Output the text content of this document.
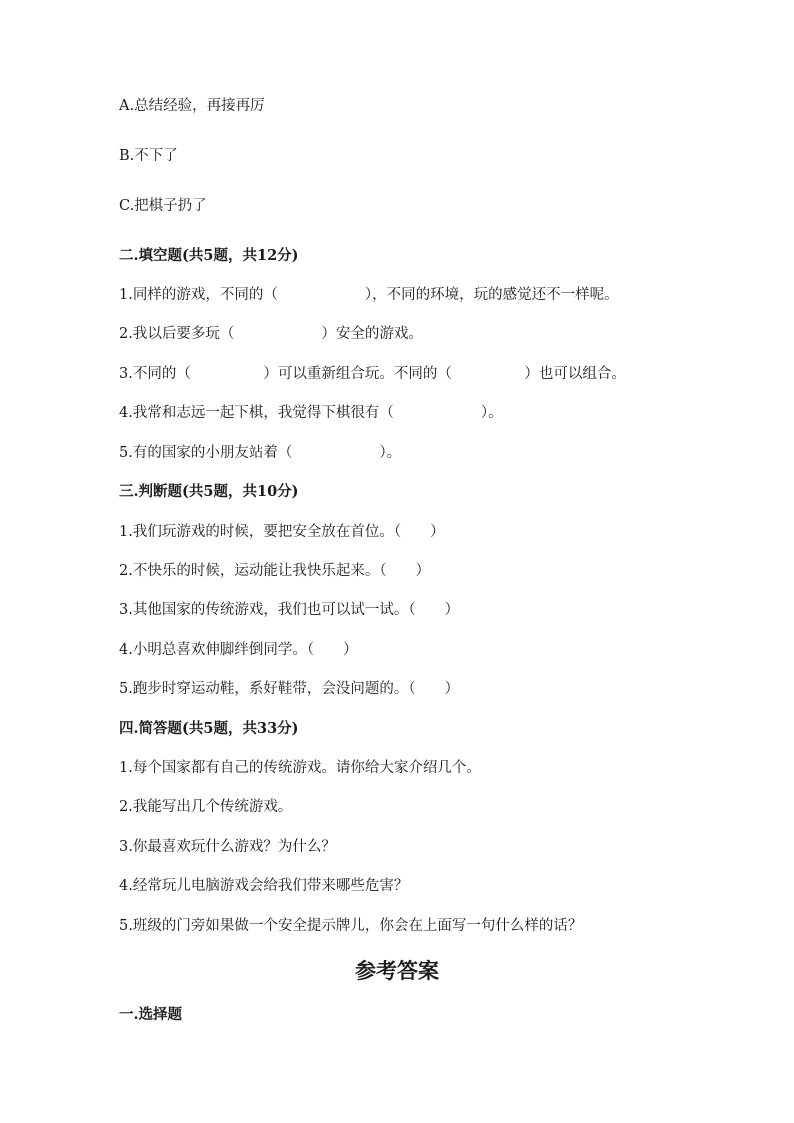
A.总结经验，再接再厉
B.不下了
C.把棋子扔了
二.填空题(共5题，共12分)
1.同样的游戏，不同的（　　　　　　），不同的环境，玩的感觉还不一样呢。
2.我以后要多玩（　　　　　　）安全的游戏。
3.不同的（　　　　　）可以重新组合玩。不同的（　　　　　）也可以组合。
4.我常和志远一起下棋，我觉得下棋很有（　　　　　　）。
5.有的国家的小朋友站着（　　　　　　）。
三.判断题(共5题，共10分)
1.我们玩游戏的时候，要把安全放在首位。（　　）
2.不快乐的时候，运动能让我快乐起来。（　　）
3.其他国家的传统游戏，我们也可以试一试。（　　）
4.小明总喜欢伸脚绊倒同学。（　　）
5.跑步时穿运动鞋，系好鞋带，会没问题的。（　　）
四.简答题(共5题，共33分)
1.每个国家都有自己的传统游戏。请你给大家介绍几个。
2.我能写出几个传统游戏。
3.你最喜欢玩什么游戏？为什么？
4.经常玩儿电脑游戏会给我们带来哪些危害？
5.班级的门旁如果做一个安全提示牌儿，你会在上面写一句什么样的话？
参考答案
一.选择题
